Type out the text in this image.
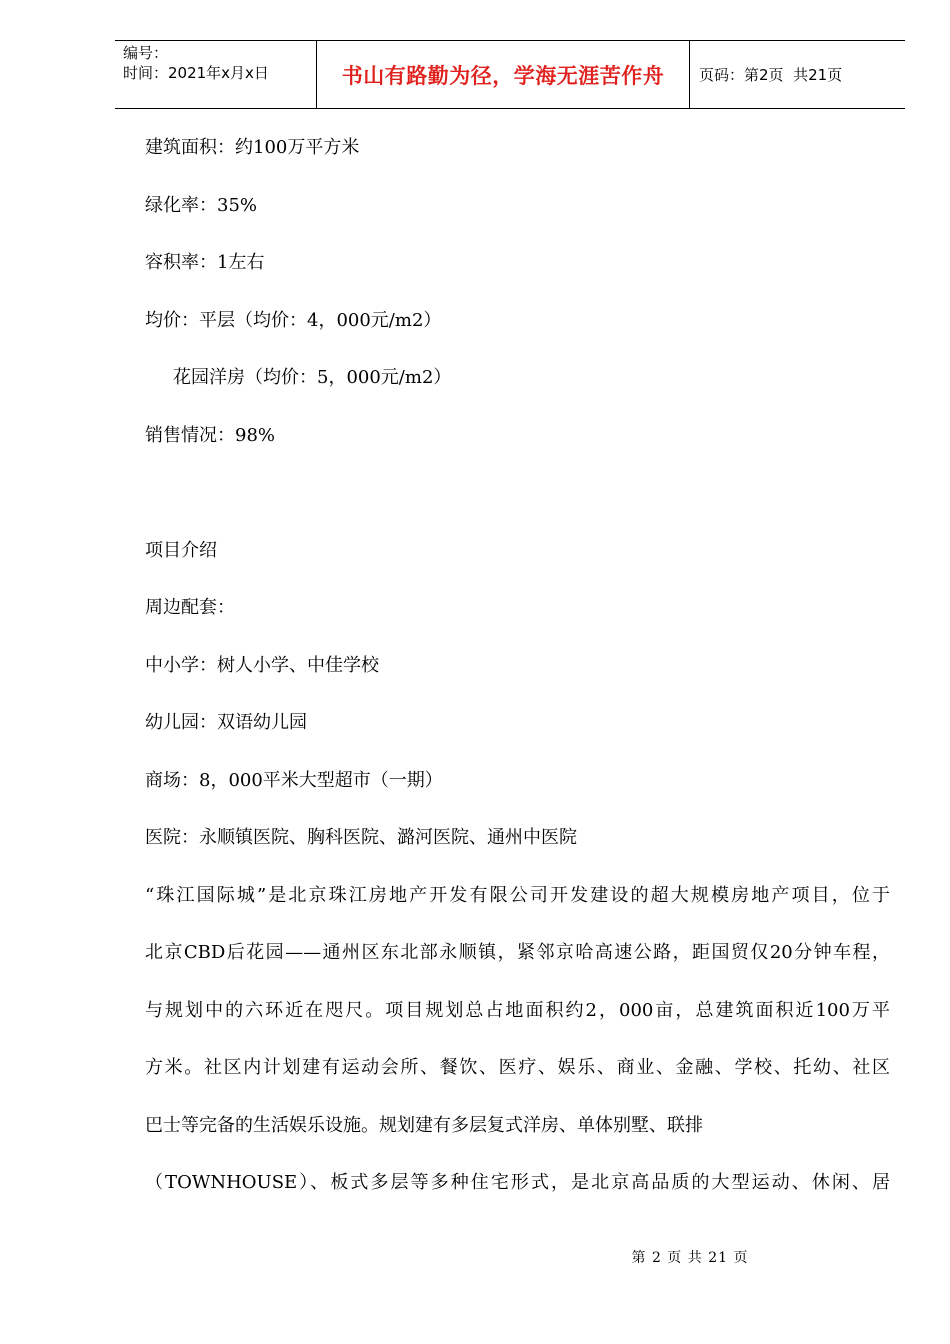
编号：
时间：2021年x月x日	书山有路勤为径，学海无涯苦作舟	页码：第2页  共21页
建筑面积：约100万平方米
绿化率：35%
容积率：1左右
均价：平层（均价：4，000元/m2）
花园洋房（均价：5，000元/m2）
销售情况：98%
项目介绍
周边配套：
中小学：树人小学、中佳学校
幼儿园：双语幼儿园
商场：8，000平米大型超市（一期）
医院：永顺镇医院、胸科医院、潞河医院、通州中医院
“珠江国际城”是北京珠江房地产开发有限公司开发建设的超大规模房地产项目，位于
北京CBD后花园——通州区东北部永顺镇，紧邻京哈高速公路，距国贸仅20分钟车程，
与规划中的六环近在咫尺。项目规划总占地面积约2，000亩，总建筑面积近100万平
方米。社区内计划建有运动会所、餐饮、医疗、娱乐、商业、金融、学校、托幼、社区
巴士等完备的生活娱乐设施。规划建有多层复式洋房、单体别墅、联排
（TOWNHOUSE）、板式多层等多种住宅形式，是北京高品质的大型运动、休闲、居
第 2 页 共 21 页
